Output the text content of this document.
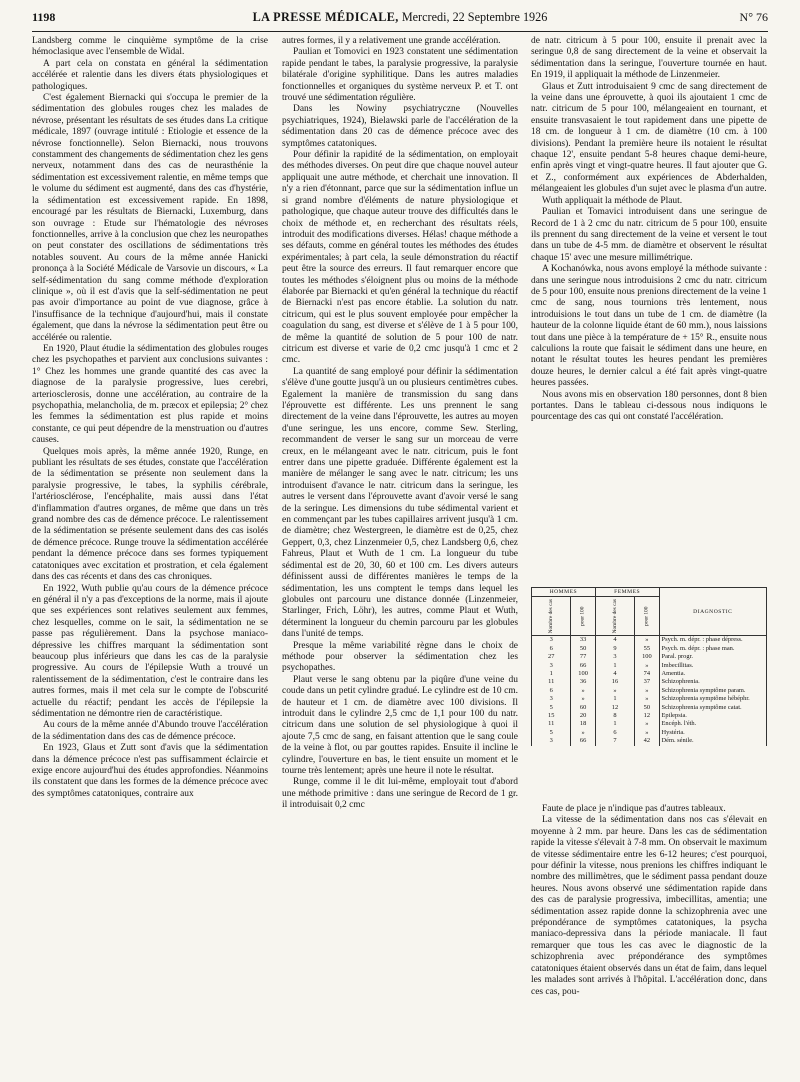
1198	LA PRESSE MÉDICALE, Mercredi, 22 Septembre 1926	N° 76

Landsberg comme le cinquième symptôme de la crise hémoclasique avec l'ensemble de Widal.

A part cela on constata en général la sédimentation accélérée et ralentie dans les divers états physiologiques et pathologiques.

C'est également Biernacki qui s'occupa le premier de la sédimentation des globules rouges chez les malades de névrose, présentant les résultats de ses études dans La critique médicale, 1897 (ouvrage intitulé : Etiologie et essence de la névrose fonctionnelle). Selon Biernacki, nous trouvons constamment des changements de sédimentation chez les gens nerveux, notamment dans des cas de neurasthénie la sédimentation est excessivement ralentie, en même temps que le volume du sédiment est augmenté, dans des cas d'hystérie, la sédimentation est excessivement rapide. En 1898, encouragé par les résultats de Biernacki, Luxemburg, dans son ouvrage : Etude sur l'hématologie des névroses fonctionnelles, arrive à la conclusion que chez les neuropathes on peut constater des oscillations de sédimentations très notables souvent. Au cours de la même année Hanicki prononça à la Société Médicale de Varsovie un discours, « La self-sédimentation du sang comme méthode d'exploration clinique », où il est d'avis que la self-sédimentation ne peut pas avoir d'importance au point de vue diagnose, grâce à l'insuffisance de la technique d'aujourd'hui, mais il constate également, que dans la névrose la sédimentation peut être ou accélérée ou ralentie.

En 1920, Plaut étudie la sédimentation des globules rouges chez les psychopathes et parvient aux conclusions suivantes : 1° Chez les hommes une grande quantité des cas avec la diagnose de la paralysie progressive, lues cerebri, arteriosclerosis, donne une accélération, au contraire de la psychopathia, melancholia, de m. præcox et epilepsia; 2° chez les femmes la sédimentation est plus rapide et moins constante, ce qui peut dépendre de la menstruation ou d'autres causes.

Quelques mois après, la même année 1920, Runge, en publiant les résultats de ses études, constate que l'accélération de la sédimentation se présente non seulement dans la paralysie progressive, le tabes, la syphilis cérébrale, l'artériosclérose, l'encéphalite, mais aussi dans l'état d'inflammation d'autres organes, de même que dans un très grand nombre des cas de démence précoce. Le ralentissement de la sédimentation se présente seulement dans des cas isolés de démence précoce. Runge trouve la sédimentation accélérée pendant la démence précoce dans ses formes typiquement catatoniques avec excitation et prostration, et cela également dans des cas récents et dans des cas chroniques.

En 1922, Wuth publie qu'au cours de la démence précoce en général il n'y a pas d'exceptions de la norme, mais il ajoute que ses expériences sont relatives seulement aux femmes, chez lesquelles, comme on le sait, la sédimentation ne se passe pas régulièrement. Dans la psychose maniaco-dépressive les chiffres marquant la sédimentation sont beaucoup plus inférieurs que dans les cas de la paralysie progressive. Au cours de l'épilepsie Wuth a trouvé un ralentissement de la sédimentation, c'est le contraire dans les autres formes, mais il met cela sur le compte de l'obscurité actuelle du réactif; pendant les accès de l'épilepsie la sédimentation ne démontre rien de caractéristique.

Au cours de la même année d'Abundo trouve l'accélération de la sédimentation dans des cas de démence précoce.

En 1923, Glaus et Zutt sont d'avis que la sédimentation dans la démence précoce n'est pas suffisamment éclaircie et exige encore aujourd'hui des études approfondies. Néanmoins ils constatent que dans les formes de la démence précoce avec des symptômes catatoniques, contraire aux

autres formes, il y a relativement une grande accélération.

Paulian et Tomovici en 1923 constatent une sédimentation rapide pendant le tabes, la paralysie progressive, la paralysie bilatérale d'origine syphilitique. Dans les autres maladies fonctionnelles et organiques du système nerveux P. et T. ont trouvé une sédimentation régulière.

Dans les Nowiny psychiatryczne (Nouvelles psychiatriques, 1924), Bielawski parle de l'accélération de la sédimentation dans 20 cas de démence précoce avec des symptômes catatoniques.

Pour définir la rapidité de la sédimentation, on employait des méthodes diverses. On peut dire que chaque nouvel auteur appliquait une autre méthode, et cherchait une innovation. Il n'y a rien d'étonnant, parce que sur la sédimentation influe un si grand nombre d'éléments de nature physiologique et pathologique, que chaque auteur trouve des difficultés dans le choix de méthode et, en recherchant des résultats réels, introduit des modifications diverses. Hélas! chaque méthode a ses défauts, comme en général toutes les méthodes des études expérimentales; à part cela, la seule démonstration du réactif peut être la source des erreurs. Il faut remarquer encore que toutes les méthodes s'éloignent plus ou moins de la méthode élaborée par Biernacki et qu'en général la technique du réactif de Biernacki n'est pas encore établie. La solution du natr. citricum, qui est le plus souvent employée pour empêcher la coagulation du sang, est diverse et s'élève de 1 à 5 pour 100, de même la quantité de solution de 5 pour 100 de natr. citricum est diverse et varie de 0,2 cmc jusqu'à 1 cmc et 2 cmc.

La quantité de sang employé pour définir la sédimentation s'élève d'une goutte jusqu'à un ou plusieurs centimètres cubes. Egalement la manière de transmission du sang dans l'éprouvette est différente. Les uns prennent le sang directement de la veine dans l'éprouvette, les autres au moyen d'une seringue, les uns encore, comme Sew. Sterling, recommandent de verser le sang sur un morceau de verre creux, en le mélangeant avec le natr. citricum, puis le font entrer dans une pipette graduée. Différente également est la manière de mélanger le sang avec le natr. citricum; les uns introduisent d'avance le natr. citricum dans la seringue, les autres le versent dans l'éprouvette avant d'avoir versé le sang de la seringue. Les dimensions du tube sédimental varient et en commençant par les tubes capillaires arrivent jusqu'à 1 cm. de diamètre; chez Westergreen, le diamètre est de 0,25, chez Geppert, 0,3, chez Linzenmeier 0,5, chez Landsberg 0,6, chez Fahreus, Plaut et Wuth de 1 cm. La longueur du tube sédimental est de 20, 30, 60 et 100 cm. Les divers auteurs définissent aussi de différentes manières le temps de la sédimentation, les uns comptent le temps dans lequel les globules ont parcouru une distance donnée (Linzenmeier, Starlinger, Frich, Löhr), les autres, comme Plaut et Wuth, déterminent la longueur du chemin parcouru par les globules dans l'unité de temps.

Presque la même variabilité règne dans le choix de méthode pour observer la sédimentation chez les psychopathes.

Plaut verse le sang obtenu par la piqûre d'une veine du coude dans un petit cylindre gradué. Le cylindre est de 10 cm. de hauteur et 1 cm. de diamètre avec 100 divisions. Il introduit dans le cylindre 2,5 cmc de 1,1 pour 100 du natr. citricum dans une solution de sel physiologique à quoi il ajoute 7,5 cmc de sang, en faisant attention que le sang coule de la veine à flot, ou par gouttes rapides. Ensuite il incline le cylindre, l'ouverture en bas, le tient ensuite un moment et le tourne très lentement; après une heure il note le résultat.

Runge, comme il le dit lui-même, employait tout d'abord une méthode primitive : dans une seringue de Record de 1 gr. il introduisait 0,2 cmc

de natr. citricum à 5 pour 100, ensuite il prenait avec la seringue 0,8 de sang directement de la veine et observait la sédimentation dans la seringue, l'ouverture tournée en haut. En 1919, il appliquait la méthode de Linzenmeier.

Glaus et Zutt introduisaient 9 cmc de sang directement de la veine dans une éprouvette, à quoi ils ajoutaient 1 cmc de natr. citricum de 5 pour 100, mélangeaient en tournant, et ensuite transvasaient le tout rapidement dans une pipette de 18 cm. de longueur à 1 cm. de diamètre (10 cm. à 100 divisions). Pendant la première heure ils notaient le résultat chaque 12', ensuite pendant 5-8 heures chaque demi-heure, enfin après vingt et vingt-quatre heures. Il faut ajouter que G. et Z., conformément aux expériences de Abderhalden, mélangeaient les globules d'un sujet avec le plasma d'un autre.

Wuth appliquait la méthode de Plaut.

Paulian et Tomavici introduisent dans une seringue de Record de 1 à 2 cmc du natr. citricum de 5 pour 100, ensuite ils prennent du sang directement de la veine et versent le tout dans un tube de 4-5 mm. de diamètre et observent le résultat chaque 15' avec une mesure millimétrique.

A Kochanówka, nous avons employé la méthode suivante : dans une seringue nous introduisions 2 cmc du natr. citricum de 5 pour 100, ensuite nous prenions directement de la veine 1 cmc de sang, nous tournions très lentement, nous introduisions le tout dans un tube de 1 cm. de diamètre (la hauteur de la colonne liquide étant de 60 mm.), nous laissions tout dans une pièce à la température de + 15° R., ensuite nous calculions la route que faisait le sédiment dans une heure, en notant le résultat toutes les heures pendant les premières douze heures, le dernier calcul a été fait après vingt-quatre heures passées.

Nous avons mis en observation 180 personnes, dont 8 bien portantes. Dans le tableau ci-dessous nous indiquons le pourcentage des cas qui ont constaté l'accélération.

HOMMES		FEMMES		DIAGNOSTIC
Nombre des cas	pour 100	Nombre des cas	pour 100	
3	33	4	»	Psych. m. dépr. : phase dépress.
6	50	9	55	Psych. m. dépr. : phase man.
27	77	3	100	Paral. progr.
3	66	1	»	Imbecillitas.
1	100	4	74	Amentia.
11	36	16	37	Schizophrenia.
6	»	»	»	Schizophrenia symptôme param.
3	»	1	»	Schizophrenia symptôme hébéphr.
5	60	12	50	Schizophrenia symptôme catat.
15	20	8	12	Epilepsia.
11	18	1	»	Encéph. l'éth.
5	»	6	»	Hystéria.
3	66	7	42	Dém. sénile.

Faute de place je n'indique pas d'autres tableaux.

La vitesse de la sédimentation dans nos cas s'élevait en moyenne à 2 mm. par heure. Dans les cas de sédimentation rapide la vitesse s'élevait à 7-8 mm. On observait le maximum de vitesse sédimentaire entre les 6-12 heures; c'est pourquoi, pour définir la vitesse, nous prenions les chiffres indiquant le nombre des millimètres, que le sédiment passa pendant douze heures. Nous avons observé une sédimentation rapide dans des cas de paralysie progressiva, imbecillitas, amentia; une sédimentation assez rapide donne la schizophrenia avec une prépondérance de symptômes catatoniques, la psycha maniaco-depressiva dans la période maniacale. Il faut remarquer que tous les cas avec le diagnostic de la schizophrenia avec prépondérance des symptômes catatoniques étaient observés dans un état de faim, dans lequel les malades sont arrivés à l'hôpital. L'accélération donc, dans ces cas, pou-
